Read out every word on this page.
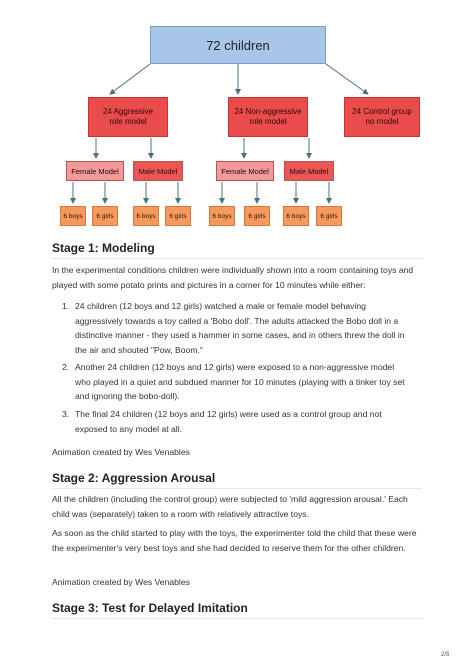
72 children
24 Aggressive
role model
24 Non-aggressive
role model
24 Control group
no model
Female Model	Male Model	Female Model	Male Model
6 boys	6 girls	6 boys	6 girls	6 boys	6 girls	6 boys	6 girls
Stage 1: Modeling

In the experimental conditions children were individually shown into a room containing toys and played with some potato prints and pictures in a corner for 10 minutes while either:

1. 24 children (12 boys and 12 girls) watched a male or female model behaving aggressively towards a toy called a 'Bobo doll'. The adults attacked the Bobo doll in a distinctive manner - they used a hammer in some cases, and in others threw the doll in the air and shouted "Pow, Boom."
2. Another 24 children (12 boys and 12 girls) were exposed to a non-aggressive model who played in a quiet and subdued manner for 10 minutes (playing with a tinker toy set and ignoring the bobo-doll).
3. The final 24 children (12 boys and 12 girls) were used as a control group and not exposed to any model at all.

Animation created by Wes Venables

Stage 2: Aggression Arousal

All the children (including the control group) were subjected to 'mild aggression arousal.' Each child was (separately) taken to a room with relatively attractive toys.

As soon as the child started to play with the toys, the experimenter told the child that these were the experimenter's very best toys and she had decided to reserve them for the other children.

Animation created by Wes Venables

Stage 3: Test for Delayed Imitation
2/5
